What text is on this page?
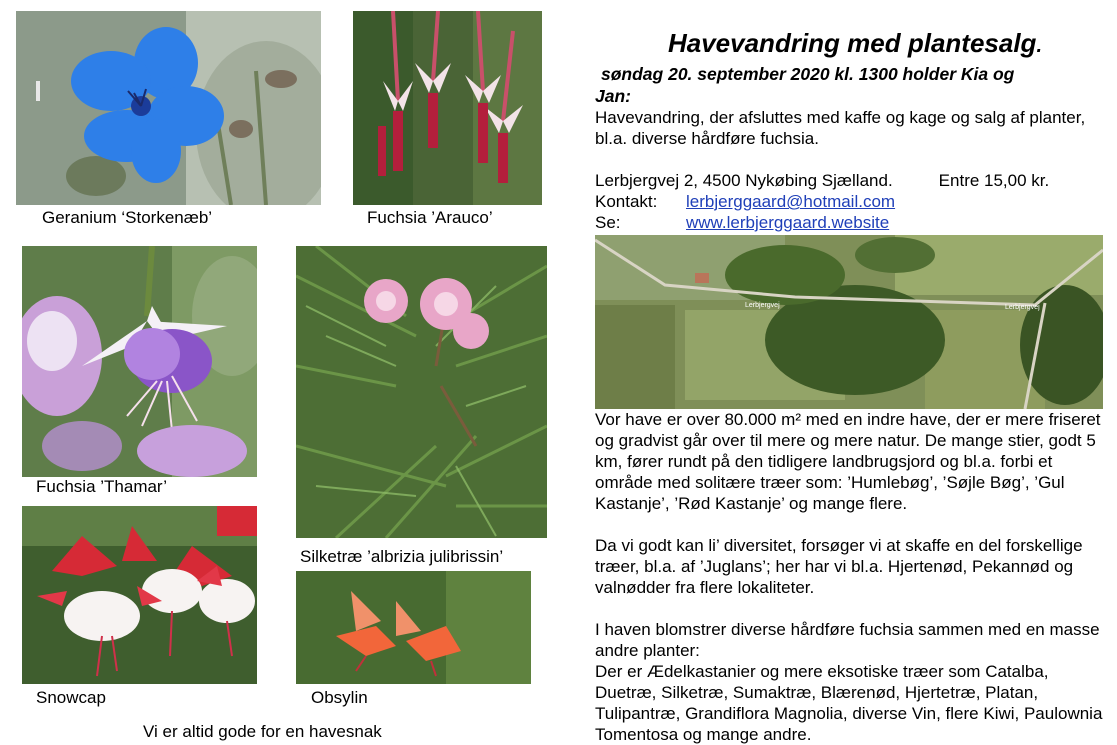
Geranium ‘Storkenæb’	Fuchsia ’Arauco’
Fuchsia ’Thamar’
Silketræ ’albrizia julibrissin’
Snowcap	Obsylin
Vi er altid gode for en havesnak
Havevandring med plantesalg.
søndag 20. september 2020 kl. 1300 holder Kia og
Jan:

Havevandring, der afsluttes med kaffe og kage og salg af planter, bl.a. diverse hårdføre fuchsia.

Lerbjergvej 2, 4500 Nykøbing Sjælland.	Entre 15,00 kr.
Kontakt:	lerbjerggaard@hotmail.com
Se:	www.lerbjerggaard.website
Lerbjergvej	Lerbjergvej

Vor have er over 80.000 m² med en indre have, der er mere friseret og gradvist går over til mere og mere natur. De mange stier, godt 5 km, fører rundt på den tidligere landbrugsjord og bl.a. forbi et område med solitære træer som: ’Humlebøg’, ’Søjle Bøg’, ’Gul Kastanje’, ’Rød Kastanje’ og mange flere.

Da vi godt kan li’ diversitet, forsøger vi at skaffe en del forskellige træer, bl.a. af ’Juglans’; her har vi bl.a. Hjertenød, Pekannød og valnødder fra flere lokaliteter.

I haven blomstrer diverse hårdføre fuchsia sammen med en masse andre planter:

Der er Ædelkastanier og mere eksotiske træer som Catalba, Duetræ, Silketræ, Sumaktræ, Blærenød, Hjertetræ, Platan, Tulipantræ, Grandiflora Magnolia, diverse Vin, flere Kiwi, Paulownia Tomentosa og mange andre.
